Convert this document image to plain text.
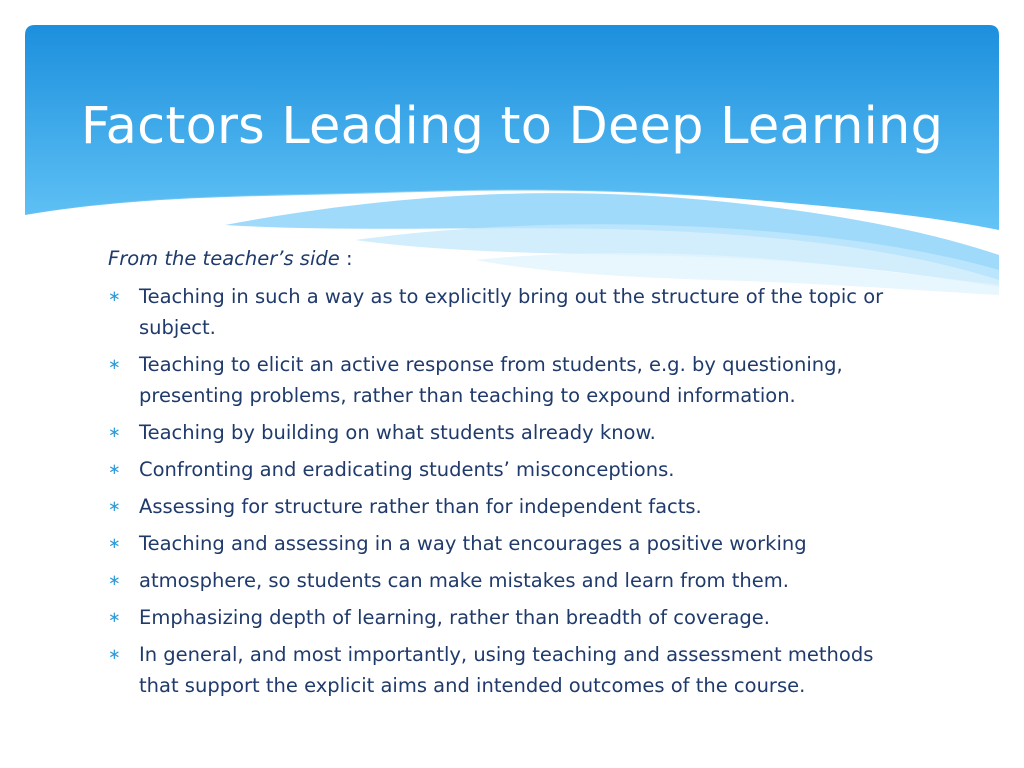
Factors Leading to Deep Learning

From the teacher’s side :

∗ Teaching in such a way as to explicitly bring out the structure of the topic or subject.
∗ Teaching to elicit an active response from students, e.g. by questioning, presenting problems, rather than teaching to expound information.
∗ Teaching by building on what students already know.
∗ Confronting and eradicating students’ misconceptions.
∗ Assessing for structure rather than for independent facts.
∗ Teaching and assessing in a way that encourages a positive working
∗ atmosphere, so students can make mistakes and learn from them.
∗ Emphasizing depth of learning, rather than breadth of coverage.
∗ In general, and most importantly, using teaching and assessment methods that support the explicit aims and intended outcomes of the course.
